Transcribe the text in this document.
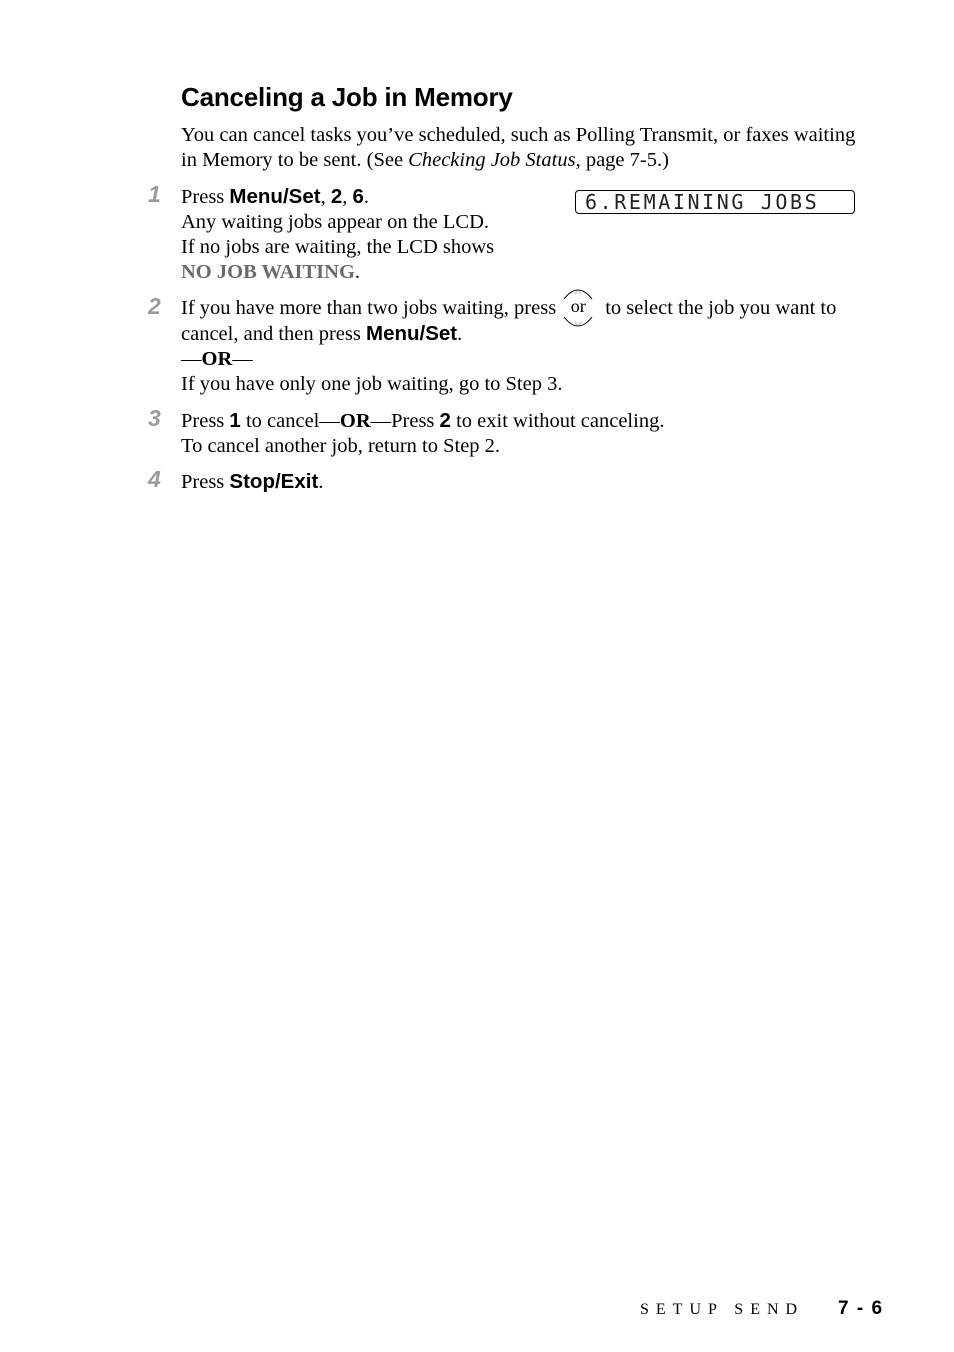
Canceling a Job in Memory

You can cancel tasks you’ve scheduled, such as Polling Transmit, or faxes waiting in Memory to be sent. (See Checking Job Status, page 7-5.)

6.REMAINING JOBS
1 Press Menu/Set, 2, 6.
Any waiting jobs appear on the LCD.
If no jobs are waiting, the LCD shows
NO JOB WAITING.
2 If you have more than two jobs waiting, press or to select the job you want to cancel, and then press Menu/Set.
—OR—
If you have only one job waiting, go to Step 3.
3 Press 1 to cancel—OR—Press 2 to exit without canceling.
To cancel another job, return to Step 2.
4 Press Stop/Exit.
SETUP SEND 7 - 6
